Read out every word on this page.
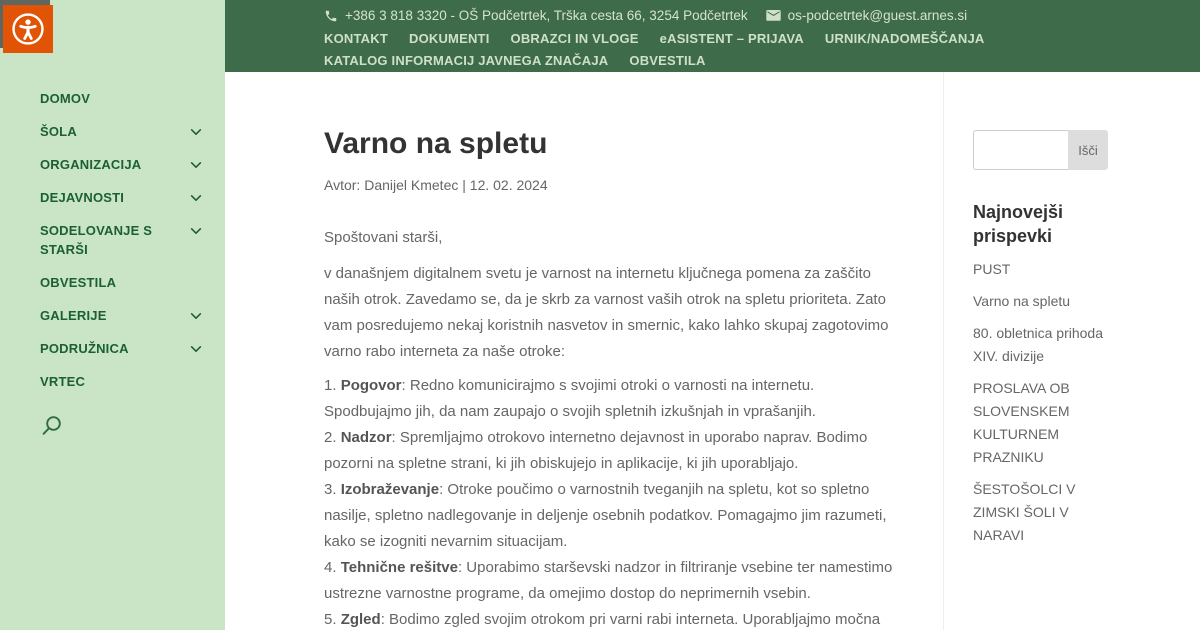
DOMOV
ŠOLA
ORGANIZACIJA
DEJAVNOSTI
SODELOVANJE S STARŠI
OBVESTILA
GALERIJE
PODRUŽNICA
VRTEC
+386 3 818 3320 - OŠ Podčetrtek, Trška cesta 66, 3254 Podčetrtek	os-podcetrtek@guest.arnes.si
KONTAKT DOKUMENTI OBRAZCI IN VLOGE eASISTENT – PRIJAVA URNIK/NADOMEŠČANJA
KATALOG INFORMACIJ JAVNEGA ZNAČAJA OBVESTILA
Varno na spletu
Avtor: Danijel Kmetec | 12. 02. 2024

Spoštovani starši,

v današnjem digitalnem svetu je varnost na internetu ključnega pomena za zaščito naših otrok. Zavedamo se, da je skrb za varnost vaših otrok na spletu prioriteta. Zato vam posredujemo nekaj koristnih nasvetov in smernic, kako lahko skupaj zagotovimo varno rabo interneta za naše otroke:

1. Pogovor: Redno komunicirajmo s svojimi otroki o varnosti na internetu. Spodbujajmo jih, da nam zaupajo o svojih spletnih izkušnjah in vprašanjih.
2. Nadzor: Spremljajmo otrokovo internetno dejavnost in uporabo naprav. Bodimo pozorni na spletne strani, ki jih obiskujejo in aplikacije, ki jih uporabljajo.
3. Izobraževanje: Otroke poučimo o varnostnih tveganjih na spletu, kot so spletno nasilje, spletno nadlegovanje in deljenje osebnih podatkov. Pomagajmo jim razumeti, kako se izogniti nevarnim situacijam.
4. Tehnične rešitve: Uporabimo starševski nadzor in filtriranje vsebine ter namestimo ustrezne varnostne programe, da omejimo dostop do neprimernih vsebin.
5. Zgled: Bodimo zgled svojim otrokom pri varni rabi interneta. Uporabljajmo močna
Išči
Najnovejši prispevki
PUST
Varno na spletu
80. obletnica prihoda XIV. divizije
PROSLAVA OB SLOVENSKEM KULTURNEM PRAZNIKU
ŠESTOŠOLCI V ZIMSKI ŠOLI V NARAVI
